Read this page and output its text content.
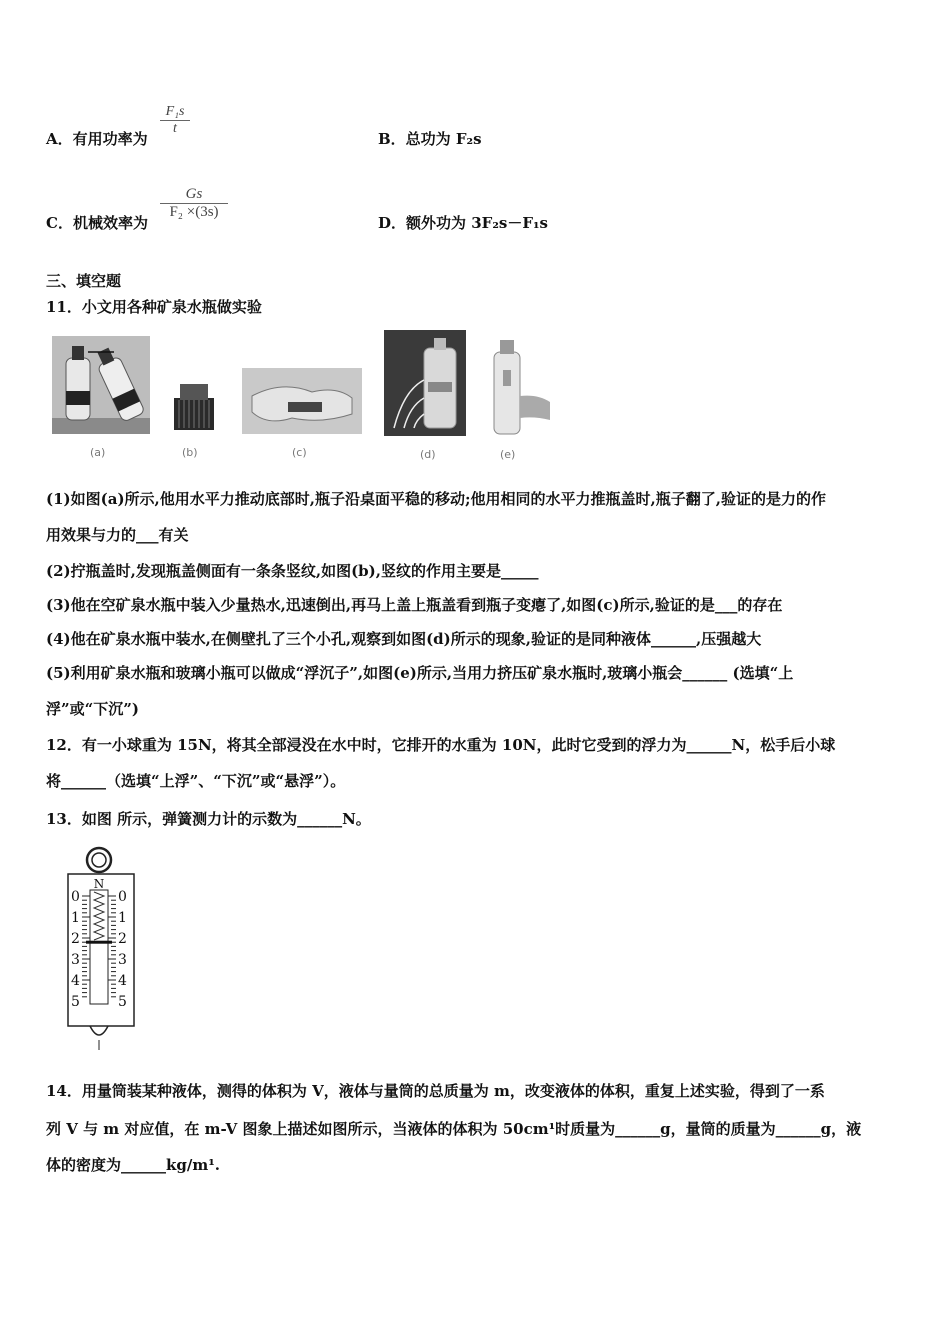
A．有用功率为
$\frac{\text{F₁s}}{t}$
B．总功为 F₂s
C．机械效率为
$\frac{Gs}{\text{F₂ ×(3s)}}$
D．额外功为 3F₂s－F₁s
三、填空题
11．小文用各种矿泉水瓶做实验
(a)	(b)	(c)	(d)	(e)
(1)如图(a)所示,他用水平力推动底部时,瓶子沿桌面平稳的移动;他用相同的水平力推瓶盖时,瓶子翻了,验证的是力的作
用效果与力的___有关
(2)拧瓶盖时,发现瓶盖侧面有一条条竖纹,如图(b),竖纹的作用主要是_____
(3)他在空矿泉水瓶中装入少量热水,迅速倒出,再马上盖上瓶盖看到瓶子变瘪了,如图(c)所示,验证的是___的存在
(4)他在矿泉水瓶中装水,在侧壁扎了三个小孔,观察到如图(d)所示的现象,验证的是同种液体______,压强越大
(5)利用矿泉水瓶和玻璃小瓶可以做成“浮沉子”,如图(e)所示,当用力挤压矿泉水瓶时,玻璃小瓶会______ (选填“上
浮”或“下沉”)
12．有一小球重为 15N，将其全部浸没在水中时，它排开的水重为 10N，此时它受到的浮力为______N，松手后小球
将______（选填“上浮”、“下沉”或“悬浮”）。
13．如图 所示，弹簧测力计的示数为______N。
N
0	0
1	1
2	2
3	3
4	4
5	5
14．用量筒装某种液体，测得的体积为 V，液体与量筒的总质量为 m，改变液体的体积，重复上述实验，得到了一系
列 V 与 m 对应值，在 m-V 图象上描述如图所示，当液体的体积为 50cm¹时质量为______g，量筒的质量为______g，液
体的密度为______kg/m¹.
